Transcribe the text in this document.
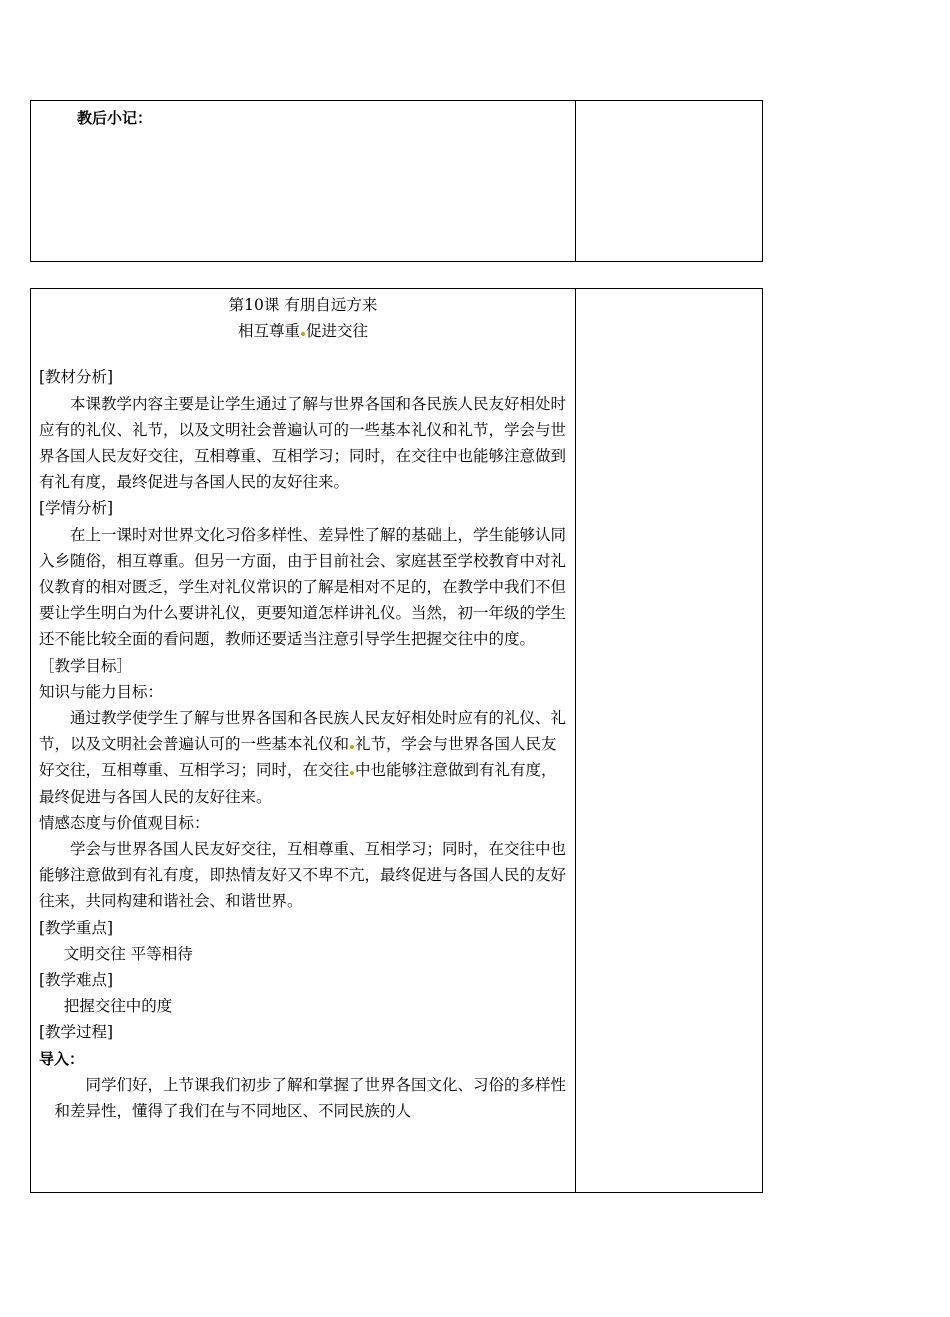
教后小记：

第10课 有朋自远方来

相互尊重 促进交往

[教材分析]

本课教学内容主要是让学生通过了解与世界各国和各民族人民友好相处时应有的礼仪、礼节，以及文明社会普遍认可的一些基本礼仪和礼节，学会与世界各国人民友好交往，互相尊重、互相学习；同时，在交往中也能够注意做到有礼有度，最终促进与各国人民的友好往来。

[学情分析]

在上一课时对世界文化习俗多样性、差异性了解的基础上，学生能够认同入乡随俗，相互尊重。但另一方面，由于目前社会、家庭甚至学校教育中对礼仪教育的相对匮乏，学生对礼仪常识的了解是相对不足的，在教学中我们不但要让学生明白为什么要讲礼仪，更要知道怎样讲礼仪。当然，初一年级的学生还不能比较全面的看问题，教师还要适当注意引导学生把握交往中的度。

［教学目标］

知识与能力目标：

通过教学使学生了解与世界各国和各民族人民友好相处时应有的礼仪、礼节，以及文明社会普遍认可的一些基本礼仪和 礼节，学会与世界各国人民友好交往，互相尊重、互相学习；同时，在交往 中也能够注意做到有礼有度，最终促进与各国人民的友好往来。

情感态度与价值观目标：

学会与世界各国人民友好交往，互相尊重、互相学习；同时，在交往中也能够注意做到有礼有度，即热情友好又不卑不亢，最终促进与各国人民的友好往来，共同构建和谐社会、和谐世界。

[教学重点]

文明交往 平等相待

[教学难点]

把握交往中的度

[教学过程]

导入：

同学们好，上节课我们初步了解和掌握了世界各国文化、习俗的多样性和差异性，懂得了我们在与不同地区、不同民族的人
